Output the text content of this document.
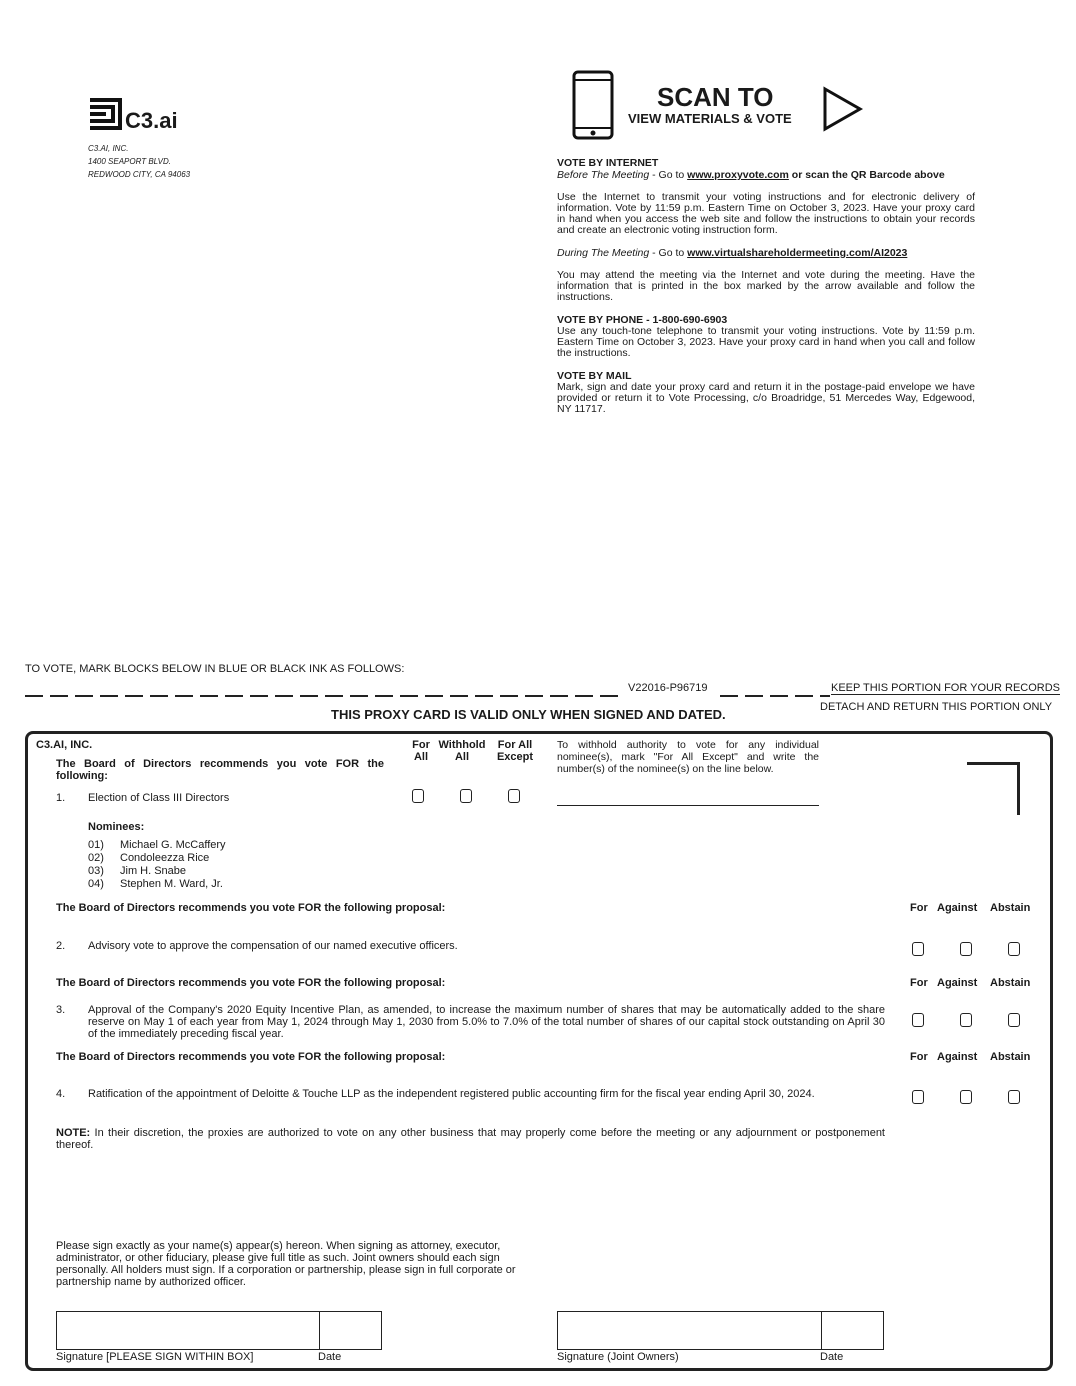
C3.ai
C3.AI, INC.
1400 SEAPORT BLVD.
REDWOOD CITY, CA 94063
SCAN TO
VIEW MATERIALS & VOTE
VOTE BY INTERNET
Before The Meeting - Go to www.proxyvote.com or scan the QR Barcode above
Use the Internet to transmit your voting instructions and for electronic delivery of information. Vote by 11:59 p.m. Eastern Time on October 3, 2023. Have your proxy card in hand when you access the web site and follow the instructions to obtain your records and create an electronic voting instruction form.
During The Meeting - Go to www.virtualshareholdermeeting.com/AI2023
You may attend the meeting via the Internet and vote during the meeting. Have the information that is printed in the box marked by the arrow available and follow the instructions.
VOTE BY PHONE - 1-800-690-6903
Use any touch-tone telephone to transmit your voting instructions. Vote by 11:59 p.m. Eastern Time on October 3, 2023. Have your proxy card in hand when you call and follow the instructions.
VOTE BY MAIL
Mark, sign and date your proxy card and return it in the postage-paid envelope we have provided or return it to Vote Processing, c/o Broadridge, 51 Mercedes Way, Edgewood, NY 11717.
TO VOTE, MARK BLOCKS BELOW IN BLUE OR BLACK INK AS FOLLOWS:
V22016-P96719	KEEP THIS PORTION FOR YOUR RECORDS
DETACH AND RETURN THIS PORTION ONLY
THIS PROXY CARD IS VALID ONLY WHEN SIGNED AND DATED.
C3.AI, INC.
The Board of Directors recommends you vote FOR the following:
For All
Withhold All
For All Except
To withhold authority to vote for any individual nominee(s), mark "For All Except" and write the number(s) of the nominee(s) on the line below.
1. Election of Class III Directors
Nominees:
01) Michael G. McCaffery
02) Condoleezza Rice
03) Jim H. Snabe
04) Stephen M. Ward, Jr.
The Board of Directors recommends you vote FOR the following proposal:	For Against Abstain
2. Advisory vote to approve the compensation of our named executive officers.
The Board of Directors recommends you vote FOR the following proposal:	For Against Abstain
3. Approval of the Company's 2020 Equity Incentive Plan, as amended, to increase the maximum number of shares that may be automatically added to the share reserve on May 1 of each year from May 1, 2024 through May 1, 2030 from 5.0% to 7.0% of the total number of shares of our capital stock outstanding on April 30 of the immediately preceding fiscal year.
The Board of Directors recommends you vote FOR the following proposal:	For Against Abstain
4. Ratification of the appointment of Deloitte & Touche LLP as the independent registered public accounting firm for the fiscal year ending April 30, 2024.
NOTE: In their discretion, the proxies are authorized to vote on any other business that may properly come before the meeting or any adjournment or postponement thereof.
Please sign exactly as your name(s) appear(s) hereon. When signing as attorney, executor, administrator, or other fiduciary, please give full title as such. Joint owners should each sign personally. All holders must sign. If a corporation or partnership, please sign in full corporate or partnership name by authorized officer.
Signature [PLEASE SIGN WITHIN BOX]	Date	Signature (Joint Owners)	Date
